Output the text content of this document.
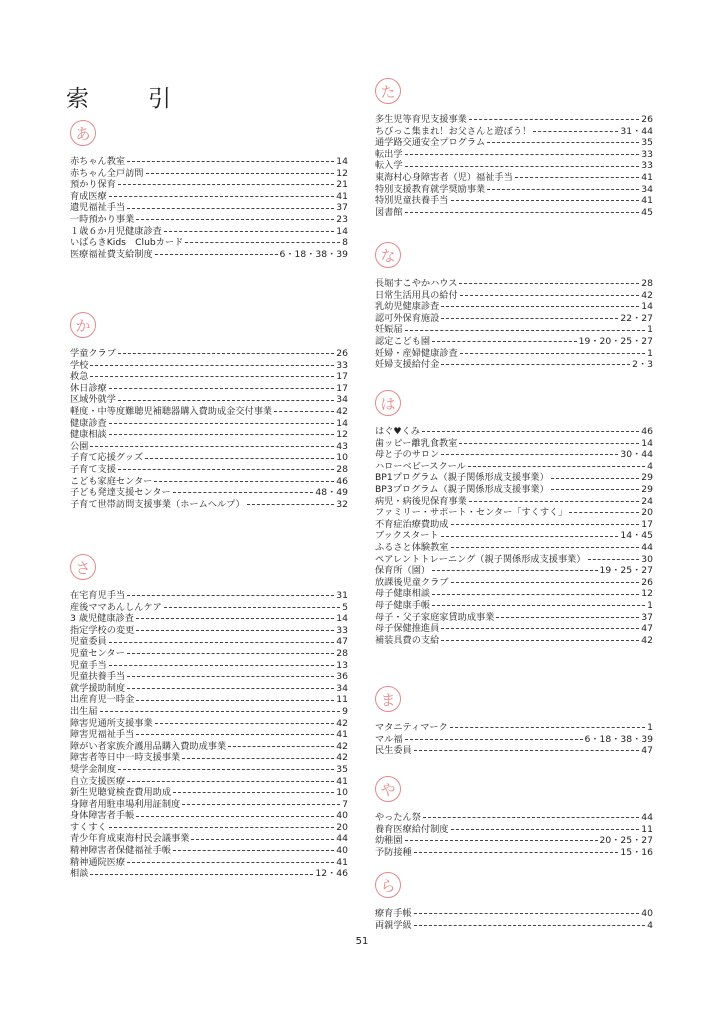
索　引
あ
赤ちゃん教室	14
赤ちゃん全戸訪問	12
預かり保育	21
育成医療	41
遺児福祉手当	37
一時預かり事業	23
１歳６か月児健康診査	14
いばらきKids　Clubカード	8
医療福祉費支給制度	6・18・38・39
か
学童クラブ	26
学校	33
救急	17
休日診療	17
区域外就学	34
軽度・中等度難聴児補聴器購入費助成金交付事業	42
健康診査	14
健康相談	12
公園	43
子育て応援グッズ	10
子育て支援	28
こども家庭センター	46
子ども発達支援センター	48・49
子育て世帯訪問支援事業（ホームヘルプ）	32
さ
在宅育児手当	31
産後ママあんしんケア	5
3 歳児健康診査	14
指定学校の変更	33
児童委員	47
児童センター	28
児童手当	13
児童扶養手当	36
就学援助制度	34
出産育児一時金	11
出生届	9
障害児通所支援事業	42
障害児福祉手当	41
障がい者家族介護用品購入費助成事業	42
障害者等日中一時支援事業	42
奨学金制度	35
自立支援医療	41
新生児聴覚検査費用助成	10
身障者用駐車場利用証制度	7
身体障害者手帳	40
すくすく	20
青少年育成東海村民会議事業	44
精神障害者保健福祉手帳	40
精神通院医療	41
相談	12・46
た
多生児等育児支援事業	26
ちびっこ集まれ！お父さんと遊ぼう！	31・44
通学路交通安全プログラム	35
転出学	33
転入学	33
東海村心身障害者（児）福祉手当	41
特別支援教育就学奨励事業	34
特別児童扶養手当	41
図書館	45
な
長堀すこやかハウス	28
日常生活用具の給付	42
乳幼児健康診査	14
認可外保育施設	22・27
妊娠届	1
認定こども園	19・20・25・27
妊婦・産婦健康診査	1
妊婦支援給付金	2・3
は
はぐ♥くみ	46
歯ッピー離乳食教室	14
母と子のサロン	30・44
ハローベビースクール	4
BP1プログラム（親子関係形成支援事業）	29
BP3プログラム（親子関係形成支援事業）	29
病児・病後児保育事業	24
ファミリー・サポート・センター「すくすく」	20
不育症治療費助成	17
ブックスタート	14・45
ふるさと体験教室	44
ペアレントトレーニング（親子関係形成支援事業）	30
保育所（園）	19・25・27
放課後児童クラブ	26
母子健康相談	12
母子健康手帳	1
母子・父子家庭家賃助成事業	37
母子保健推進員	47
補装具費の支給	42
ま
マタニティマーク	1
マル福	6・18・38・39
民生委員	47
や
やったん祭	44
養育医療給付制度	11
幼稚園	20・25・27
予防接種	15・16
ら
療育手帳	40
両親学級	4
51
